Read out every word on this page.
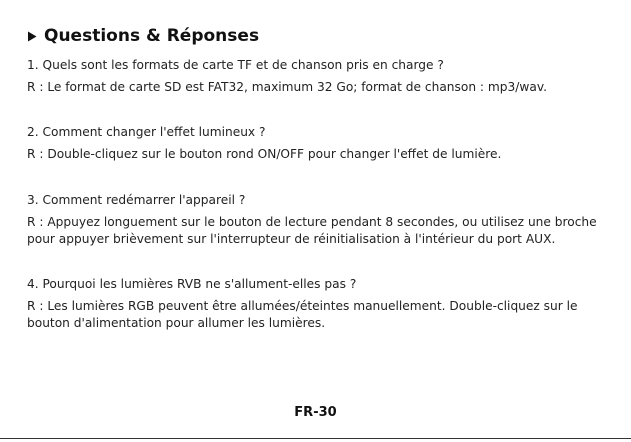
Questions & Réponses

1. Quels sont les formats de carte TF et de chanson pris en charge ?

R : Le format de carte SD est FAT32, maximum 32 Go; format de chanson : mp3/wav.

2. Comment changer l'effet lumineux ?

R : Double-cliquez sur le bouton rond ON/OFF pour changer l'effet de lumière.

3. Comment redémarrer l'appareil ?

R : Appuyez longuement sur le bouton de lecture pendant 8 secondes, ou utilisez une broche pour appuyer brièvement sur l'interrupteur de réinitialisation à l'intérieur du port AUX.

4. Pourquoi les lumières RVB ne s'allument-elles pas ?

R : Les lumières RGB peuvent être allumées/éteintes manuellement. Double-cliquez sur le bouton d'alimentation pour allumer les lumières.

FR-30
